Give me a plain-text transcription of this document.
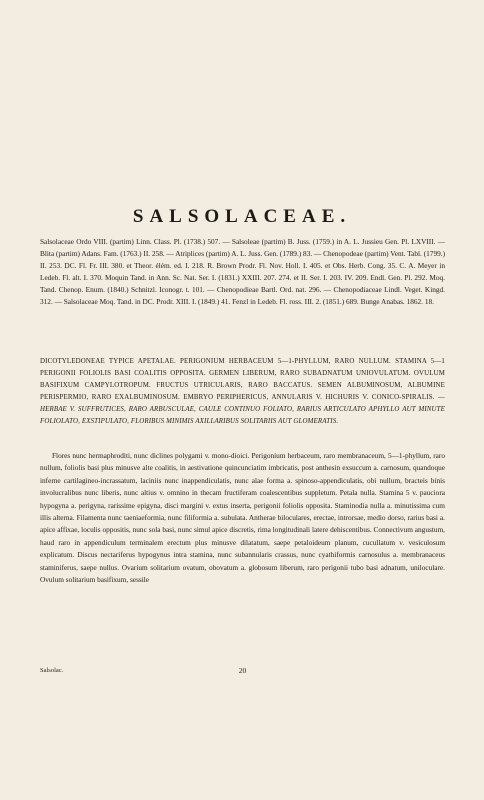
SALSOLACEAE.
Salsolaceae Ordo VIII. (partim) Linn. Class. Pl. (1738.) 507. — Salsoleae (partim) B. Juss. (1759.) in A. L. Jussieu Gen. Pl. LXVIII. — Blita (partim) Adans. Fam. (1763.) II. 258. — Atriplices (partim) A. L. Juss. Gen. (1789.) 83. — Chenopodeae (partim) Vent. Tabl. (1799.) II. 253. DC. Fl. Fr. III. 380. et Theor. élém. ed. I. 218. R. Brown Prodr. Fl. Nov. Holl. I. 405. et Obs. Herb. Cong. 35. C. A. Meyer in Ledeb. Fl. alt. I. 370. Moquin Tand. in Ann. Sc. Nat. Ser. I. (1831.) XXIII. 207. 274. et II. Ser. I. 203. IV. 209. Endl. Gen. Pl. 292. Moq. Tand. Chenop. Enum. (1840.) Schnitzl. Iconogr. t. 101. — Chenopodieae Bartl. Ord. nat. 296. — Chenopodiaceae Lindl. Veget. Kingd. 312. — Salsolaceae Moq. Tand. in DC. Prodr. XIII. I. (1849.) 41. Fenzl in Ledeb. Fl. ross. III. 2. (1851.) 689. Bunge Anabas. 1862. 18.
DICOTYLEDONEAE TYPICE APETALAE. PERIGONIUM HERBACEUM 5—1-PHYLLUM, RARO NULLUM. STAMINA 5—1 PERIGONII FOLIOLIS BASI COALITIS OPPOSITA. GERMEN LIBERUM, RARO SUBADNATUM UNIOVULATUM. OVULUM BASIFIXUM CAMPYLOTROPUM. FRUCTUS UTRICULARIS, RARO BACCATUS. SEMEN ALBUMINOSUM, ALBUMINE PERISPERMIO, RARO EXALBUMINOSUM. EMBRYO PERIPHERICUS, ANNULARIS V. HICHURIS V. CONICO-SPIRALIS. — HERBAE V. SUFFRUTICES, RARO ARBUSCULAE, CAULE CONTINUO FOLIATO, RARIUS ARTICULATO APHYLLO AUT MINUTE FOLIOLATO, EXSTIPULATO, FLORIBUS MINIMIS AXILLARIBUS SOLITARIIS AUT GLOMERATIS.

Flores nunc hermaphroditi, nunc diclines polygami v. mono-dioici. Perigonium herbaceum, raro membranaceum, 5—1-phyllum, raro nullum, foliolis basi plus minusve alte coalitis, in aestivatione quincunciatim imbricatis, post anthesin exsuccum a. carnosum, quandoque inferne cartilagineo-incrassatum, laciniis nunc inappendiculatis, nunc alae forma a. spinoso-appendiculatis, obi nullum, bracteis binis involucralibus nunc liberis, nunc altius v. omnino in thecam fructiferam coalescentibus suppletum. Petala nulla. Stamina 5 v. pauciora hypogyna a. perigyna, rarissime epigyna, disci margini v. extus inserta, perigonii foliolis opposita. Staminodia nulla a. minutissima cum illis alterna. Filamenta nunc taeniaeformia, nunc filiformia a. subulata. Antherae biloculares, erectae, introrsae, medio dorso, rarius basi a. apice affixae, loculis oppositis, nunc sola basi, nunc simul apice discretis, rima longitudinali latere dehiscentibus. Connectivum angustum, haud raro in appendiculum terminalem erectum plus minusve dilatatum, saepe petaloideum planum, cucullatum v. vesiculosum explicatum. Discus nectariferus hypogynus intra stamina, nunc subannularis crassus, nunc cyathiformis carnosulus a. membranaceus staminiferus, saepe nullus. Ovarium solitarium ovatum, obovatum a. globosum liberum, raro perigonii tubo basi adnatum, uniloculare. Ovulum solitarium basifixum, sessile

Salsolac.	20
